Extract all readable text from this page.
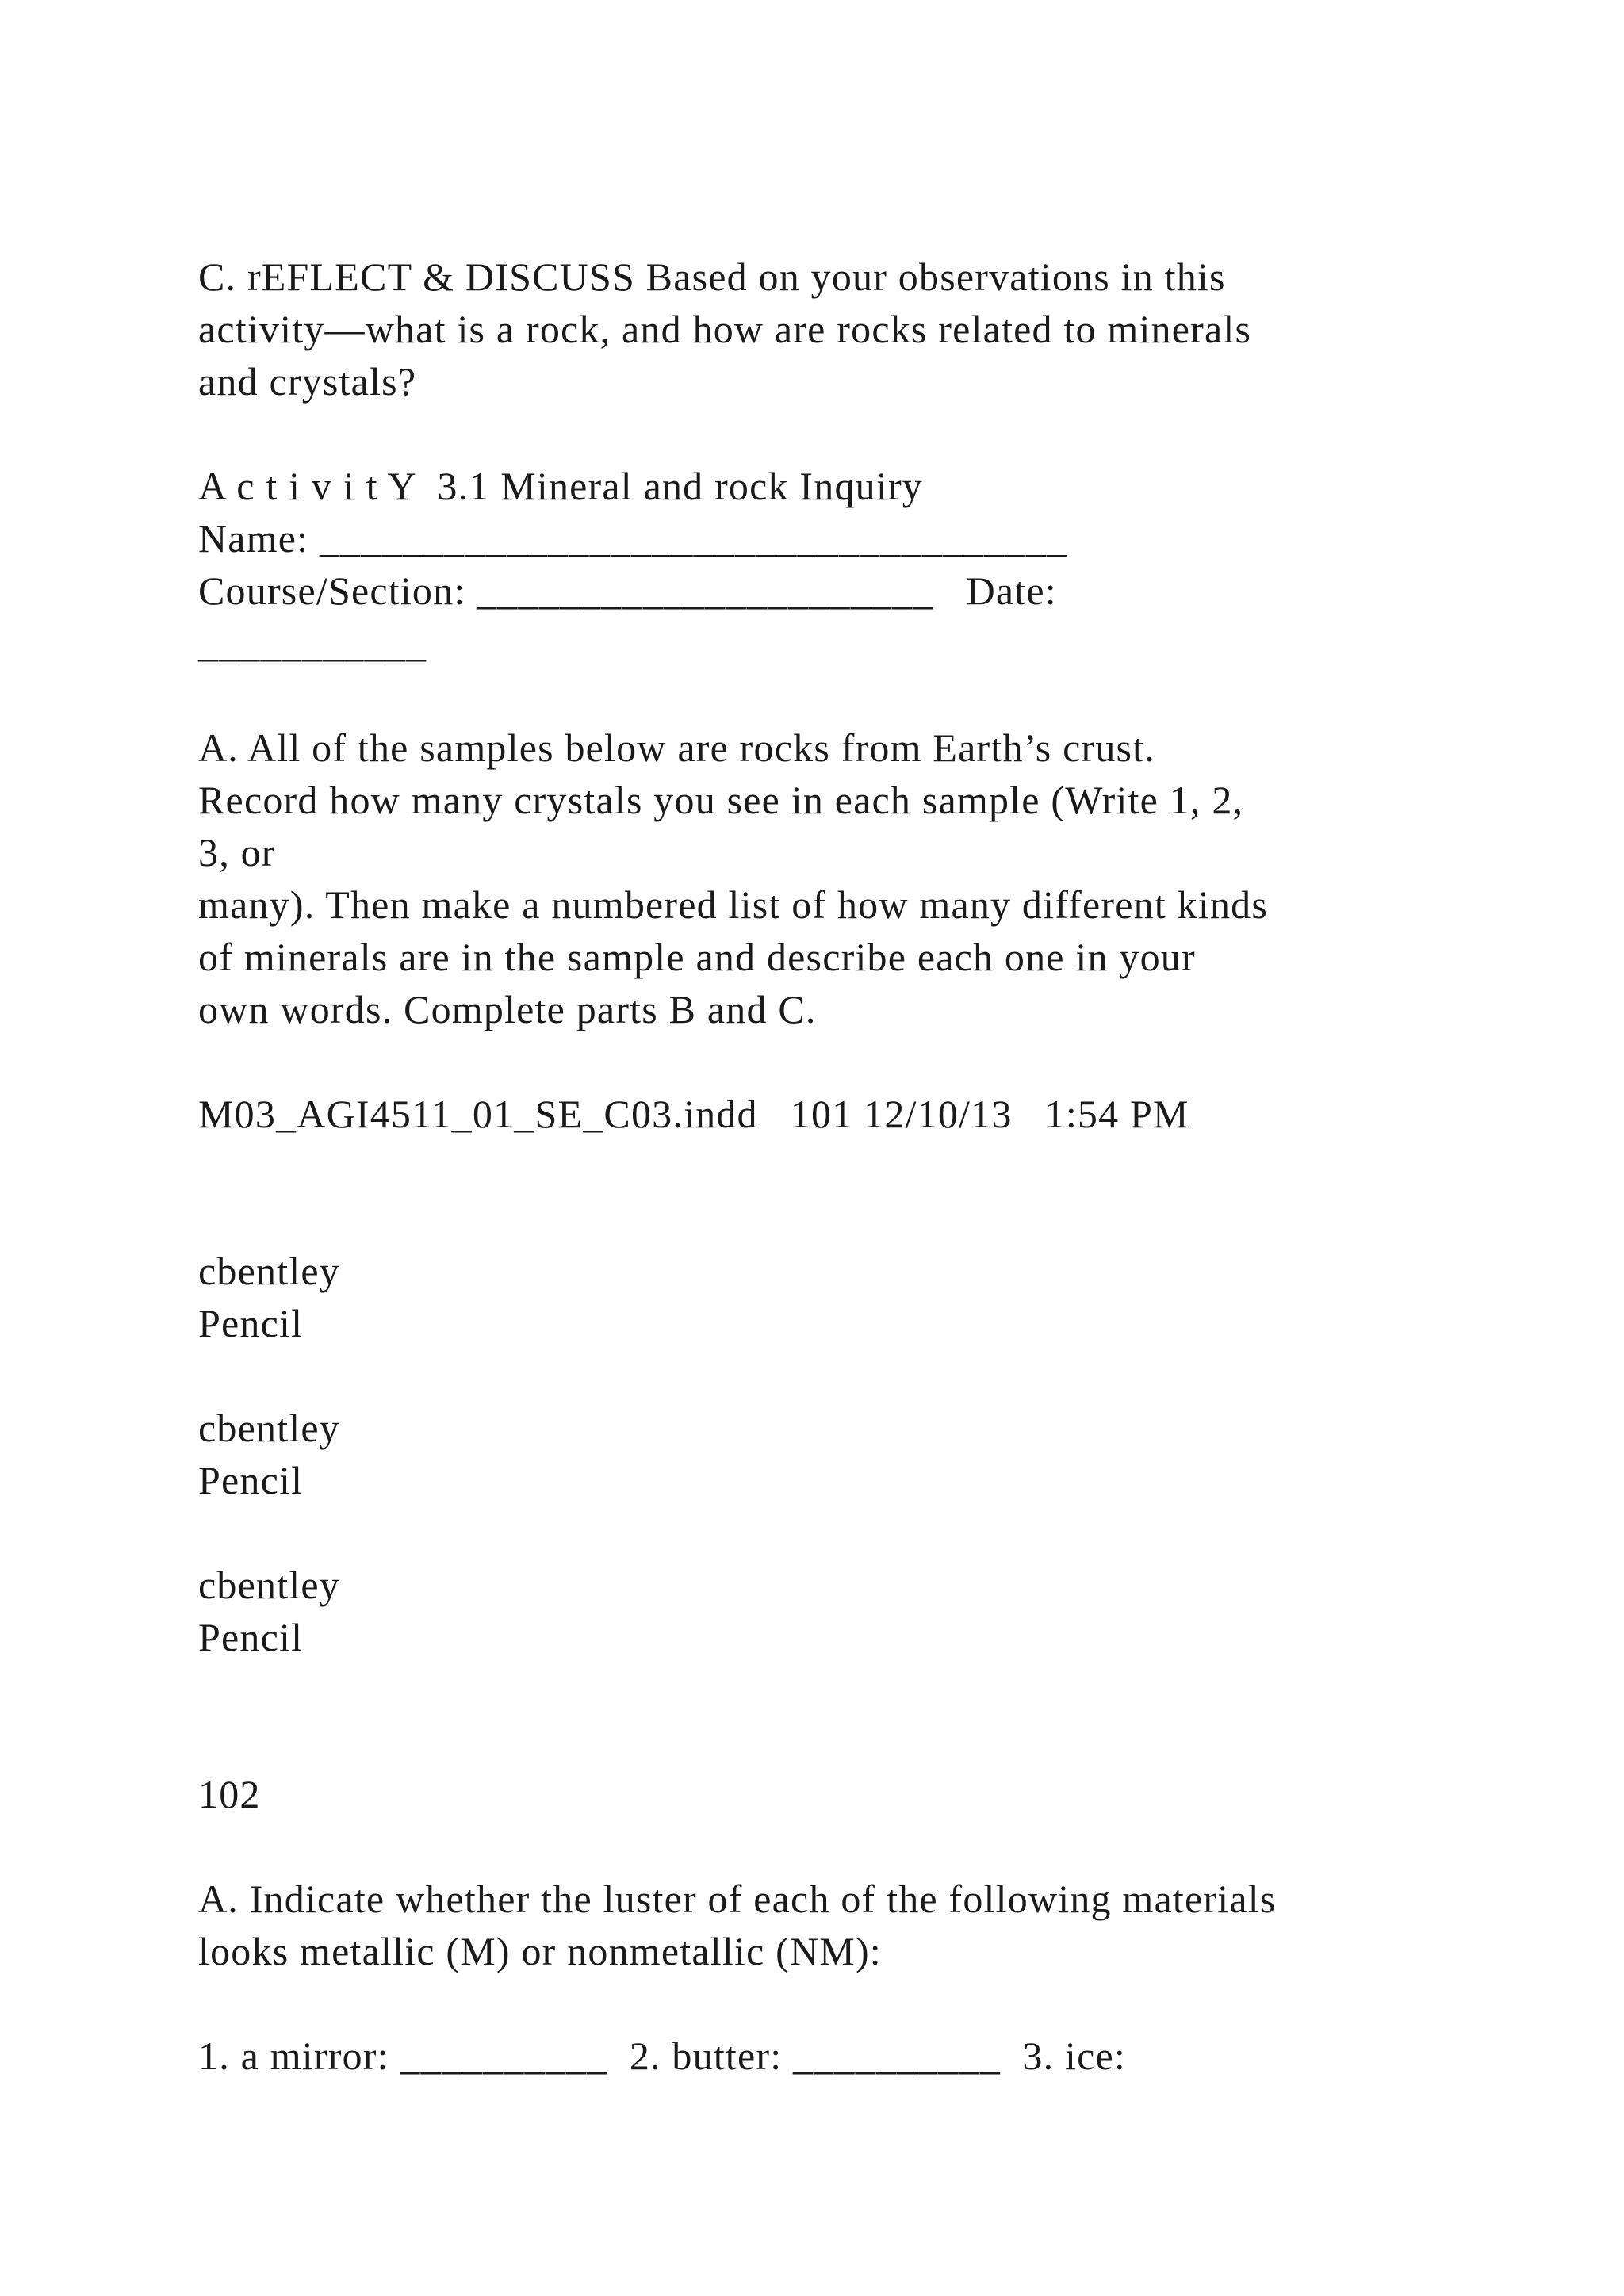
C. rEFLECT & DISCUSS Based on your observations in this
activity—what is a rock, and how are rocks related to minerals
and crystals?
A c t i v i t Y  3.1 Mineral and rock Inquiry
Name: ____________________________________
Course/Section: ______________________   Date:
___________
A. All of the samples below are rocks from Earth’s crust.
Record how many crystals you see in each sample (Write 1, 2,
3, or
many). Then make a numbered list of how many different kinds
of minerals are in the sample and describe each one in your
own words. Complete parts B and C.
M03_AGI4511_01_SE_C03.indd   101 12/10/13   1:54 PM
cbentley
Pencil
cbentley
Pencil
cbentley
Pencil
102
A. Indicate whether the luster of each of the following materials
looks metallic (M) or nonmetallic (NM):
1. a mirror: __________  2. butter: __________  3. ice:
